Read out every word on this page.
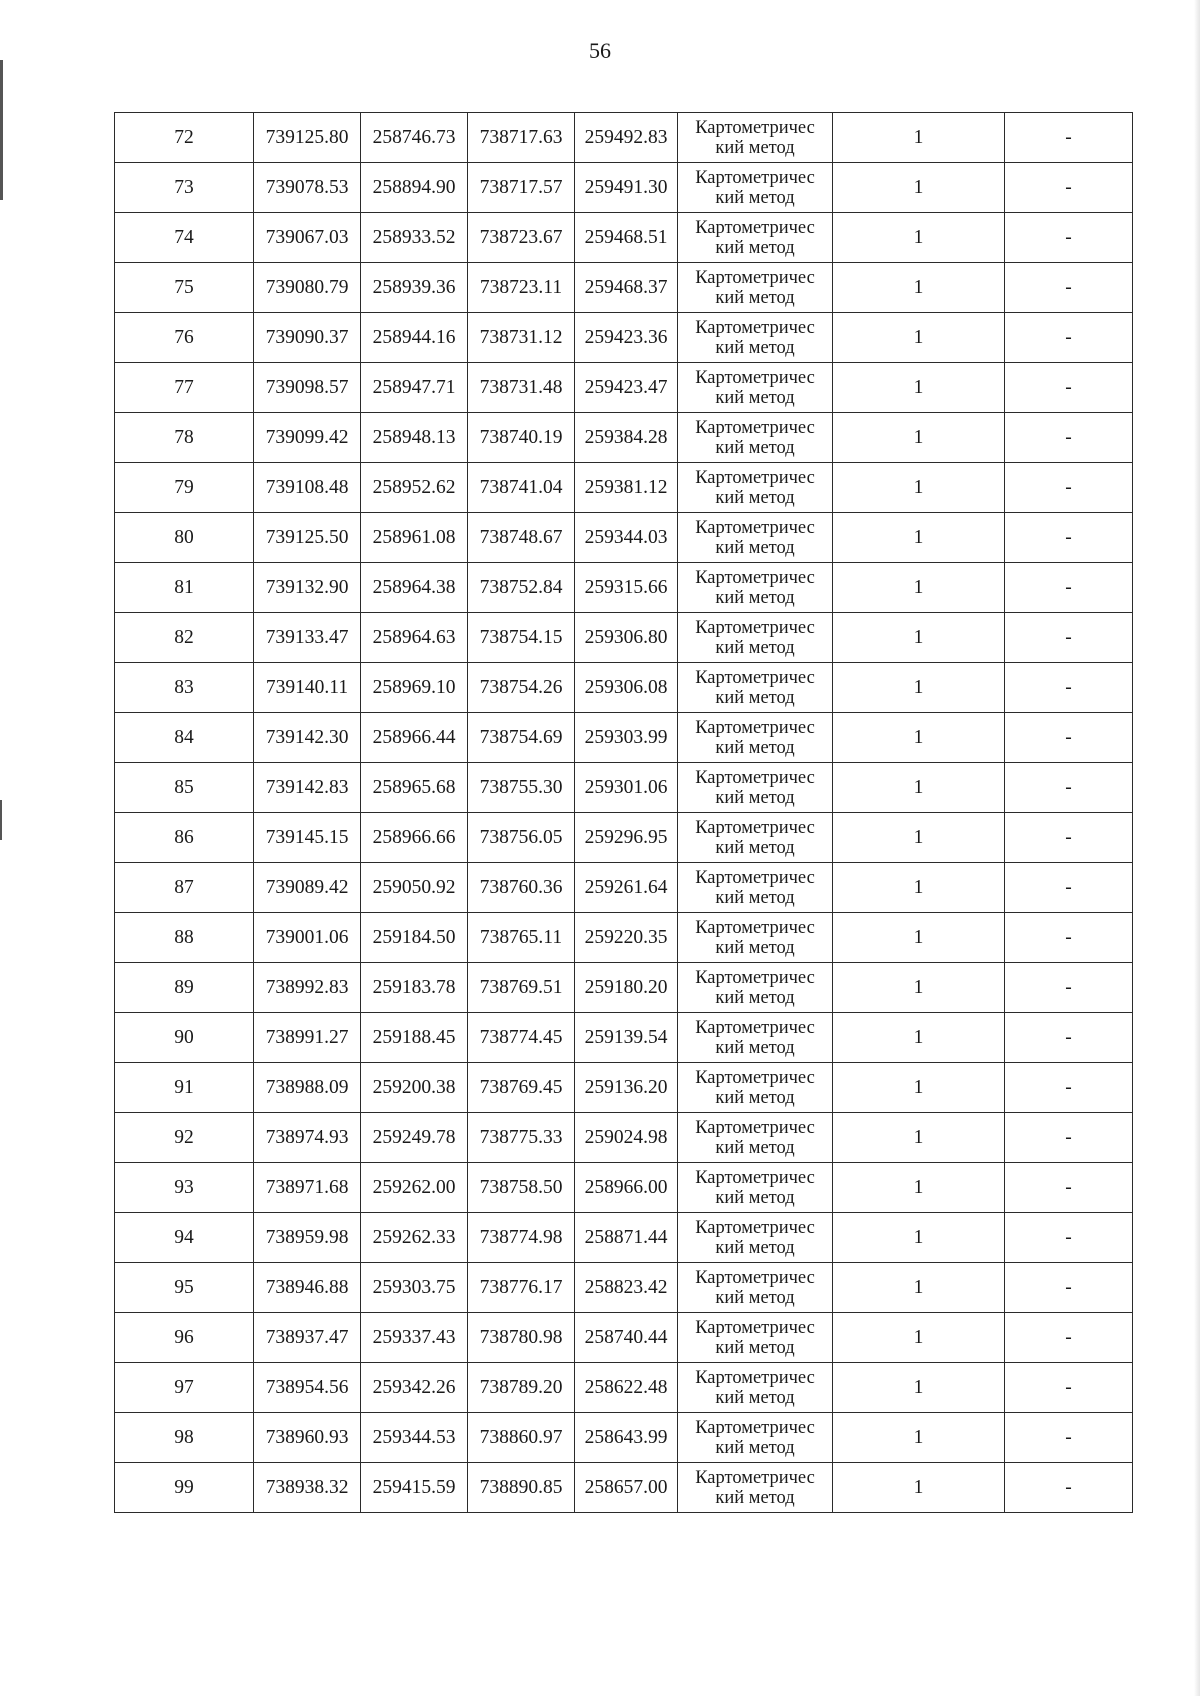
56
72	739125.80	258746.73	738717.63	259492.83	Картометричес
кий метод	1	-
73	739078.53	258894.90	738717.57	259491.30	Картометричес
кий метод	1	-
74	739067.03	258933.52	738723.67	259468.51	Картометричес
кий метод	1	-
75	739080.79	258939.36	738723.11	259468.37	Картометричес
кий метод	1	-
76	739090.37	258944.16	738731.12	259423.36	Картометричес
кий метод	1	-
77	739098.57	258947.71	738731.48	259423.47	Картометричес
кий метод	1	-
78	739099.42	258948.13	738740.19	259384.28	Картометричес
кий метод	1	-
79	739108.48	258952.62	738741.04	259381.12	Картометричес
кий метод	1	-
80	739125.50	258961.08	738748.67	259344.03	Картометричес
кий метод	1	-
81	739132.90	258964.38	738752.84	259315.66	Картометричес
кий метод	1	-
82	739133.47	258964.63	738754.15	259306.80	Картометричес
кий метод	1	-
83	739140.11	258969.10	738754.26	259306.08	Картометричес
кий метод	1	-
84	739142.30	258966.44	738754.69	259303.99	Картометричес
кий метод	1	-
85	739142.83	258965.68	738755.30	259301.06	Картометричес
кий метод	1	-
86	739145.15	258966.66	738756.05	259296.95	Картометричес
кий метод	1	-
87	739089.42	259050.92	738760.36	259261.64	Картометричес
кий метод	1	-
88	739001.06	259184.50	738765.11	259220.35	Картометричес
кий метод	1	-
89	738992.83	259183.78	738769.51	259180.20	Картометричес
кий метод	1	-
90	738991.27	259188.45	738774.45	259139.54	Картометричес
кий метод	1	-
91	738988.09	259200.38	738769.45	259136.20	Картометричес
кий метод	1	-
92	738974.93	259249.78	738775.33	259024.98	Картометричес
кий метод	1	-
93	738971.68	259262.00	738758.50	258966.00	Картометричес
кий метод	1	-
94	738959.98	259262.33	738774.98	258871.44	Картометричес
кий метод	1	-
95	738946.88	259303.75	738776.17	258823.42	Картометричес
кий метод	1	-
96	738937.47	259337.43	738780.98	258740.44	Картометричес
кий метод	1	-
97	738954.56	259342.26	738789.20	258622.48	Картометричес
кий метод	1	-
98	738960.93	259344.53	738860.97	258643.99	Картометричес
кий метод	1	-
99	738938.32	259415.59	738890.85	258657.00	Картометричес
кий метод	1	-
